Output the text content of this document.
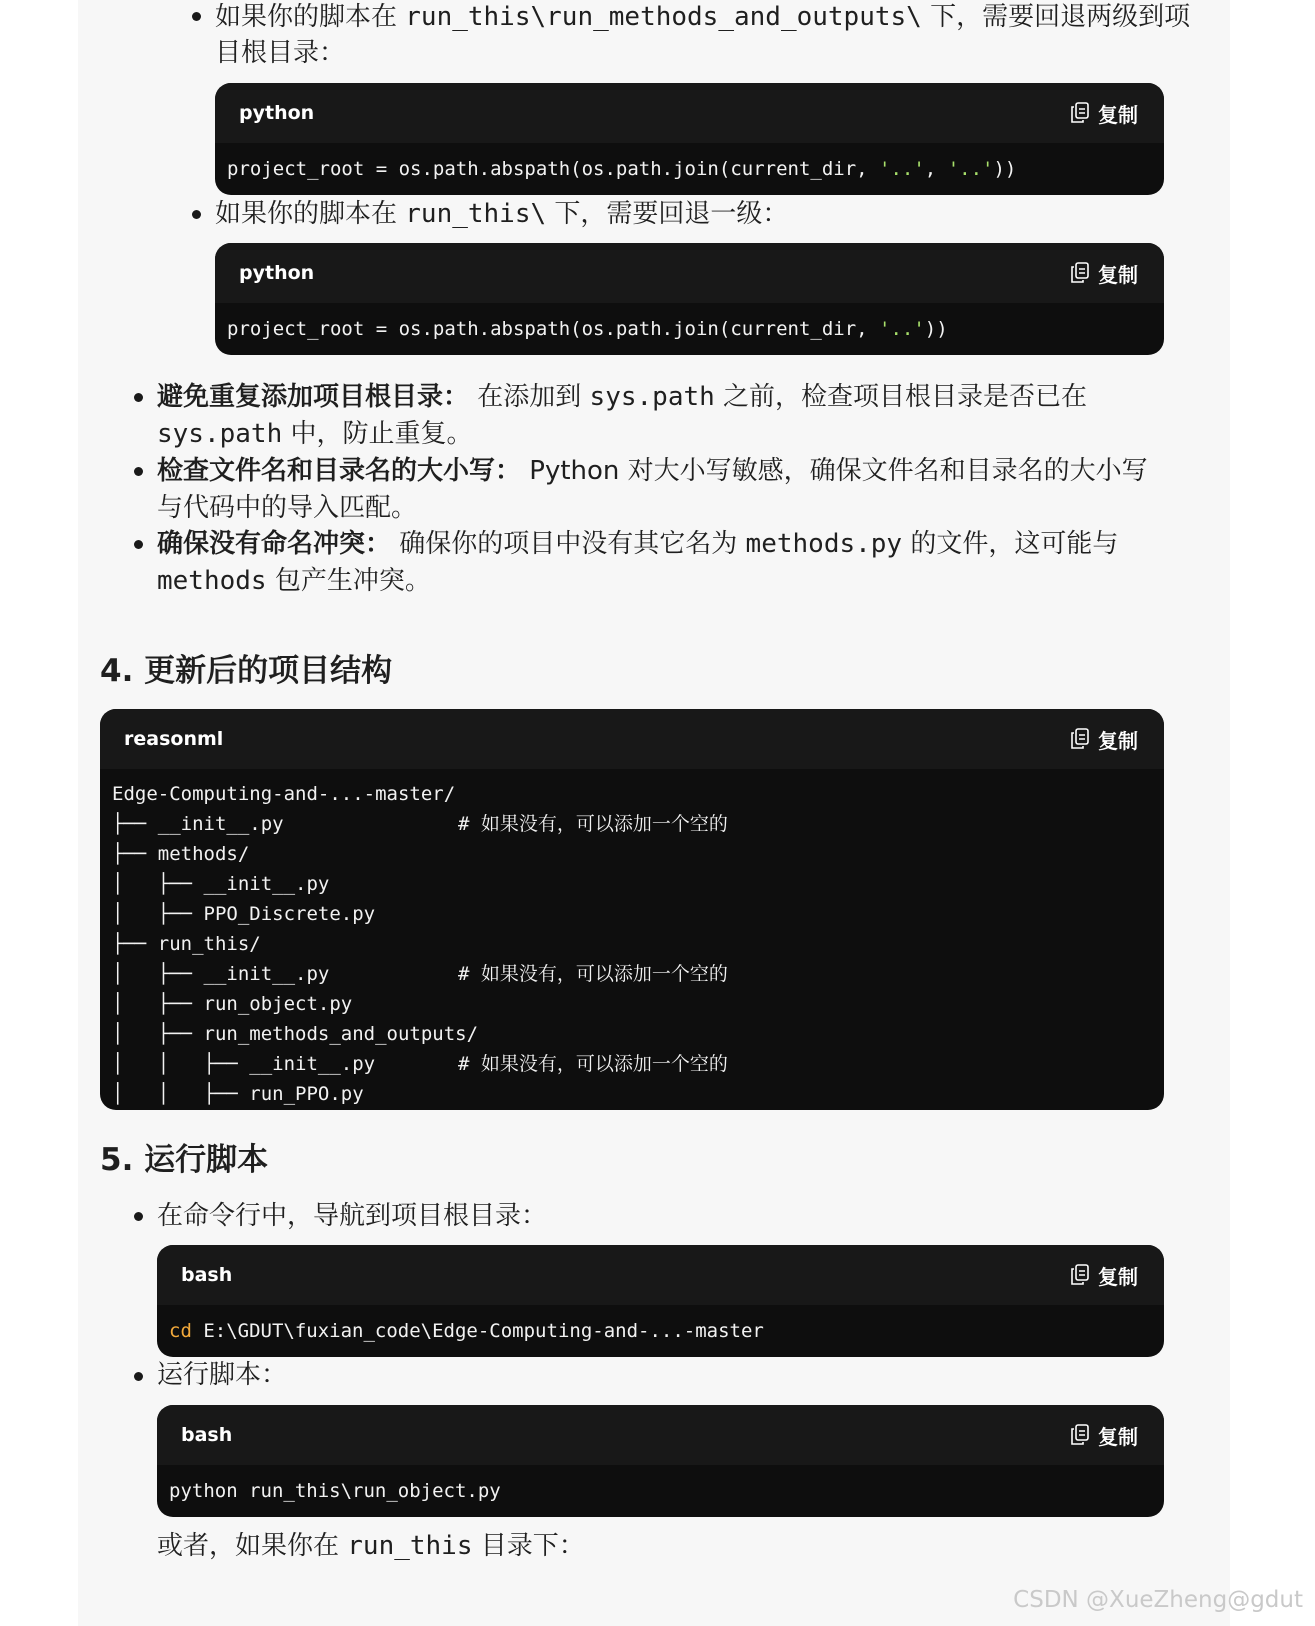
如果你的脚本在 run_this\run_methods_and_outputs\ 下，需要回退两级到项
目根目录：
python	复制
project_root = os.path.abspath(os.path.join(current_dir, '..', '..'))
如果你的脚本在 run_this\ 下，需要回退一级：
python	复制
project_root = os.path.abspath(os.path.join(current_dir, '..'))
避免重复添加项目根目录： 在添加到 sys.path 之前，检查项目根目录是否已在
sys.path 中，防止重复。
检查文件名和目录名的大小写： Python 对大小写敏感，确保文件名和目录名的大小写
与代码中的导入匹配。
确保没有命名冲突： 确保你的项目中没有其它名为 methods.py 的文件，这可能与
methods 包产生冲突。
4. 更新后的项目结构
reasonml	复制
Edge-Computing-and-...-master/
├── __init__.py	# 如果没有，可以添加一个空的
├── methods/
│   ├── __init__.py
│   ├── PPO_Discrete.py
├── run_this/
│   ├── __init__.py	# 如果没有，可以添加一个空的
│   ├── run_object.py
│   ├── run_methods_and_outputs/
│   │   ├── __init__.py	# 如果没有，可以添加一个空的
│   │   ├── run_PPO.py
5. 运行脚本
在命令行中，导航到项目根目录：
bash	复制
cd E:\GDUT\fuxian_code\Edge-Computing-and-...-master
运行脚本：
bash	复制
python run_this\run_object.py
或者，如果你在 run_this 目录下：
CSDN @XueZheng@gdut
